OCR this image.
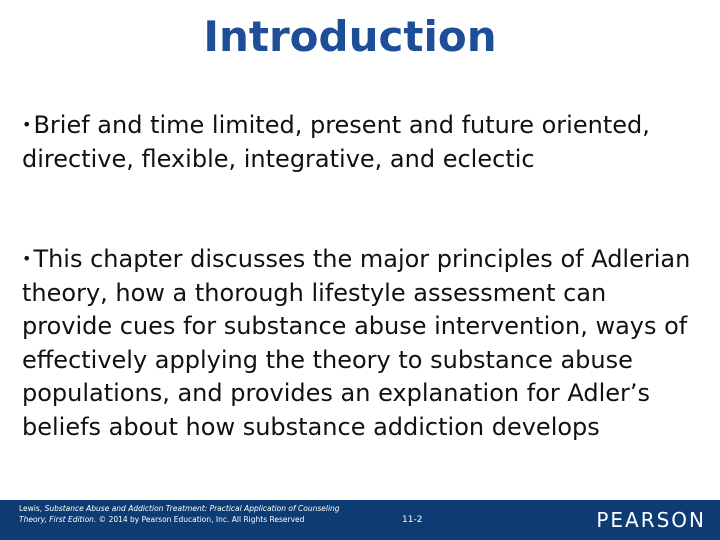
Introduction
•Brief and time limited, present and future oriented, directive, flexible, integrative, and eclectic
•This chapter discusses the major principles of Adlerian theory, how a thorough lifestyle assessment can provide cues for substance abuse intervention, ways of effectively applying the theory to substance abuse populations, and provides an explanation for Adler’s beliefs about how substance addiction develops
Lewis, Substance Abuse and Addiction Treatment: Practical Application of Counseling Theory, First Edition. © 2014 by Pearson Education, Inc. All Rights Reserved	11-2	PEARSON
